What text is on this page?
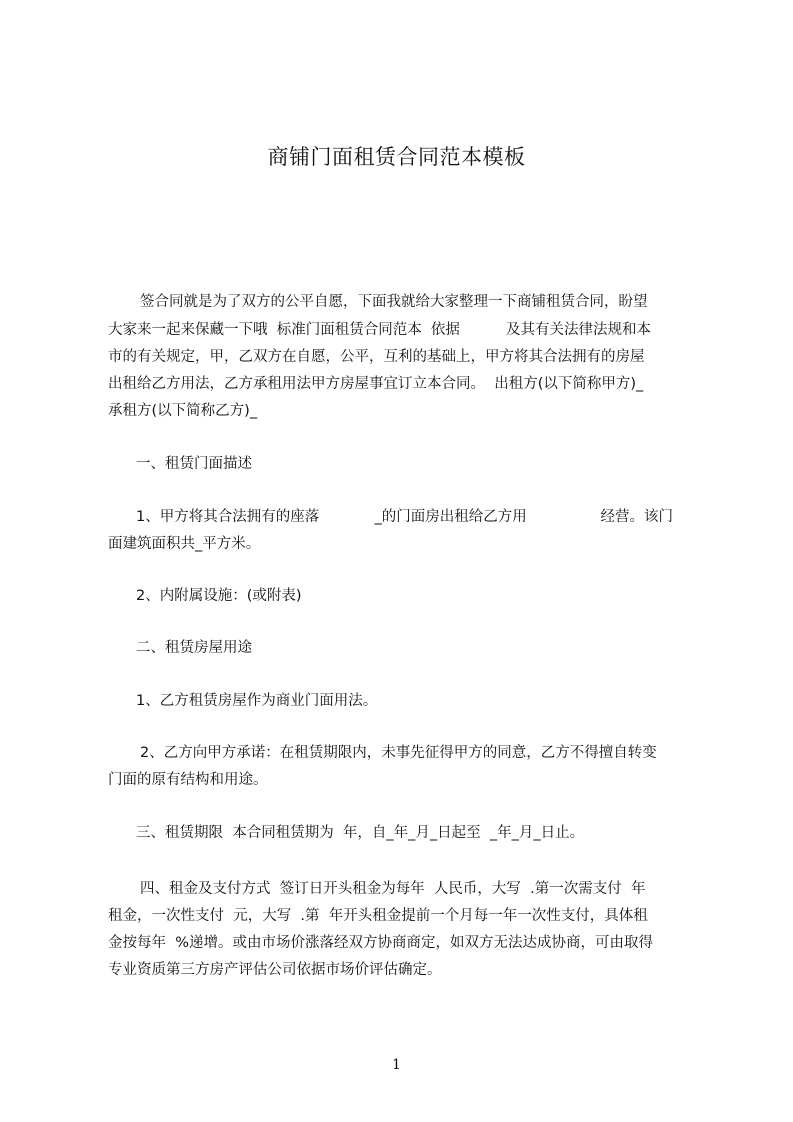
商铺门面租赁合同范本模板
签合同就是为了双方的公平自愿，下面我就给大家整理一下商铺租赁合同，盼望
大家来一起来保藏一下哦  标准门面租赁合同范本  依据          及其有关法律法规和本
市的有关规定，甲，乙双方在自愿，公平，互利的基础上，甲方将其合法拥有的房屋
出租给乙方用法，乙方承租用法甲方房屋事宜订立本合同。  出租方(以下简称甲方)_
承租方(以下简称乙方)_
一、租赁门面描述
1、甲方将其合法拥有的座落            _的门面房出租给乙方用                经营。该门
面建筑面积共_平方米。
2、内附属设施：(或附表)
二、租赁房屋用途
1、乙方租赁房屋作为商业门面用法。
2、乙方向甲方承诺：在租赁期限内，未事先征得甲方的同意，乙方不得擅自转变
门面的原有结构和用途。
三、租赁期限  本合同租赁期为  年，自_年_月_日起至  _年_月_日止。
四、租金及支付方式  签订日开头租金为每年  人民币，大写  .第一次需支付  年
租金，一次性支付  元，大写  .第  年开头租金提前一个月每一年一次性支付，具体租
金按每年  %递增。或由市场价涨落经双方协商商定，如双方无法达成协商，可由取得
专业资质第三方房产评估公司依据市场价评估确定。
1
